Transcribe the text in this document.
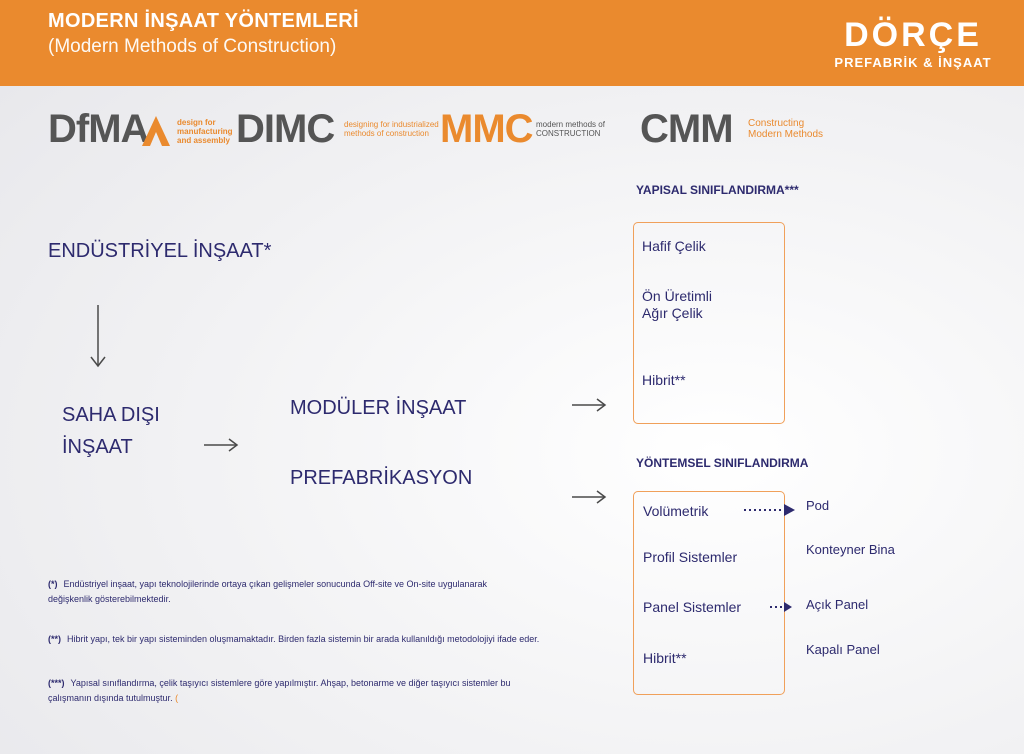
MODERN İNŞAAT YÖNTEMLERİ
(Modern Methods of Construction)	DÖRÇE
PREFABRİK & İNŞAAT
DfMA	design for manufacturing and assembly DIMC designing for industrialized methods of construction MMC modern methods of CONSTRUCTION CMM Constructing Modern Methods
ENDÜSTRİYEL İNŞAAT*
SAHA DIŞI
İNŞAAT
MODÜLER İNŞAAT
PREFABRİKASYON
YAPISAL SINIFLANDIRMA***
Hafif Çelik
Ön Üretimli
Ağır Çelik
Hibrit**
YÖNTEMSEL SINIFLANDIRMA
Volümetrik
Profil Sistemler
Panel Sistemler
Hibrit**
Pod
Konteyner Bina
Açık Panel
Kapalı Panel
(*) Endüstriyel inşaat, yapı teknolojilerinde ortaya çıkan gelişmeler sonucunda Off-site ve On-site uygulanarak
değişkenlik gösterebilmektedir.
(**) Hibrit yapı, tek bir yapı sisteminden oluşmamaktadır. Birden fazla sistemin bir arada kullanıldığı metodolojiyi ifade eder.
(***) Yapısal sınıflandırma, çelik taşıyıcı sistemlere göre yapılmıştır. Ahşap, betonarme ve diğer taşıyıcı sistemler bu
çalışmanın dışında tutulmuştur. (
